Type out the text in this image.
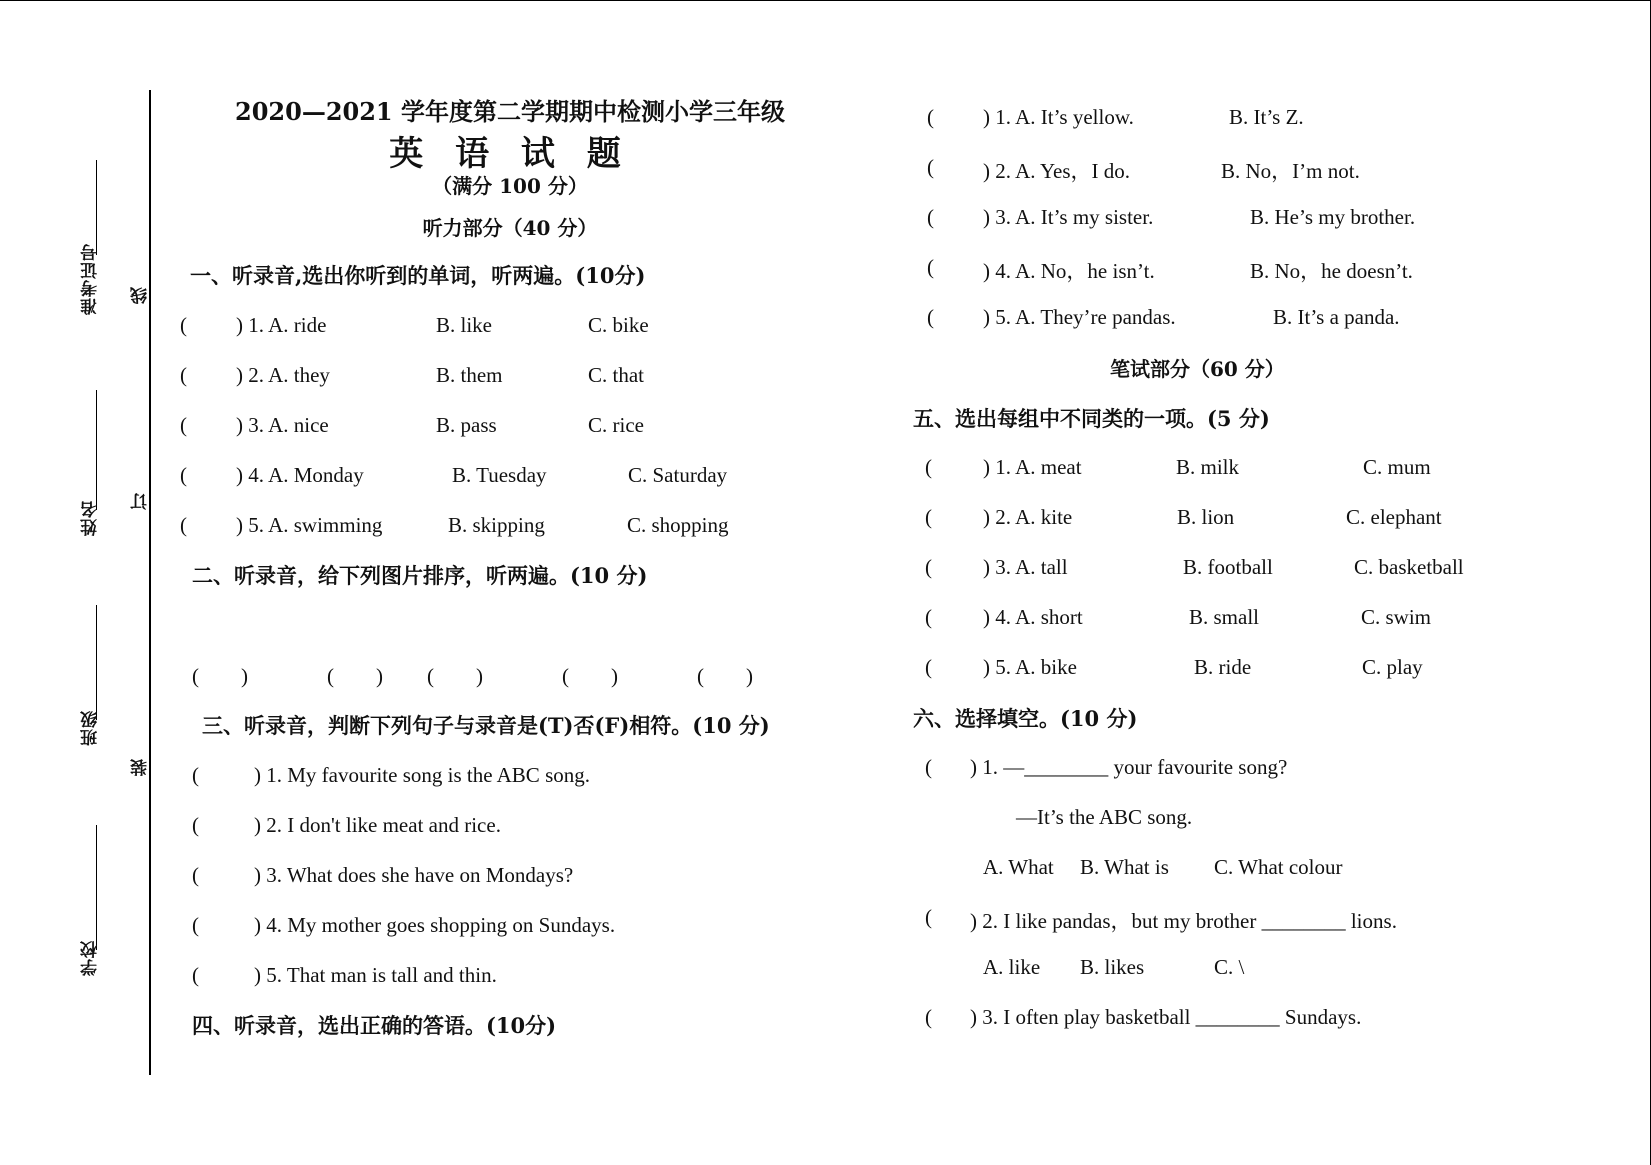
准考证号
姓名
班级
学校
线
订
装
2020—2021 学年度第二学期期中检测小学三年级
英 语 试 题
（满分 100 分）
听力部分（40 分）
一、听录音,选出你听到的单词，听两遍。(10分)
( ) 1. A. ride	B. like	C. bike
( ) 2. A. they	B. them	C. that
( ) 3. A. nice	B. pass	C. rice
( ) 4. A. Monday	B. Tuesday	C. Saturday
( ) 5. A. swimming	B. skipping	C. shopping
二、听录音，给下列图片排序，听两遍。(10 分)
(　　)	(　　) (　　)	(　　)	(　　)
三、听录音，判断下列句子与录音是(T)否(F)相符。(10 分)
(	) 1. My favourite song is the ABC song.
(	) 2. I don't like meat and rice.
(	) 3. What does she have on Mondays?
(	) 4. My mother goes shopping on Sundays.
(	) 5. That man is tall and thin.
四、听录音，选出正确的答语。(10分)
( ) 1. A. It’s yellow.	B. It’s Z.
( ) 2. A. Yes，I do.	B. No，I’m not.
( ) 3. A. It’s my sister.	B. He’s my brother.
( ) 4. A. No，he isn’t.	B. No，he doesn’t.
( ) 5. A. They’re pandas.	B. It’s a panda.
笔试部分（60 分）
五、选出每组中不同类的一项。(5 分)
( ) 1. A. meat	B. milk	C. mum
( ) 2. A. kite	B. lion	C. elephant
( ) 3. A. tall	B. football	C. basketball
( ) 4. A. short	B. small	C. swim
( ) 5. A. bike	B. ride	C. play
六、选择填空。(10 分)
( ) 1. —________ your favourite song?
—It’s the ABC song.
A. What B. What is C. What colour
( ) 2. I like pandas，but my brother ________ lions.
A. like B. likes	C. \
( ) 3. I often play basketball ________ Sundays.
